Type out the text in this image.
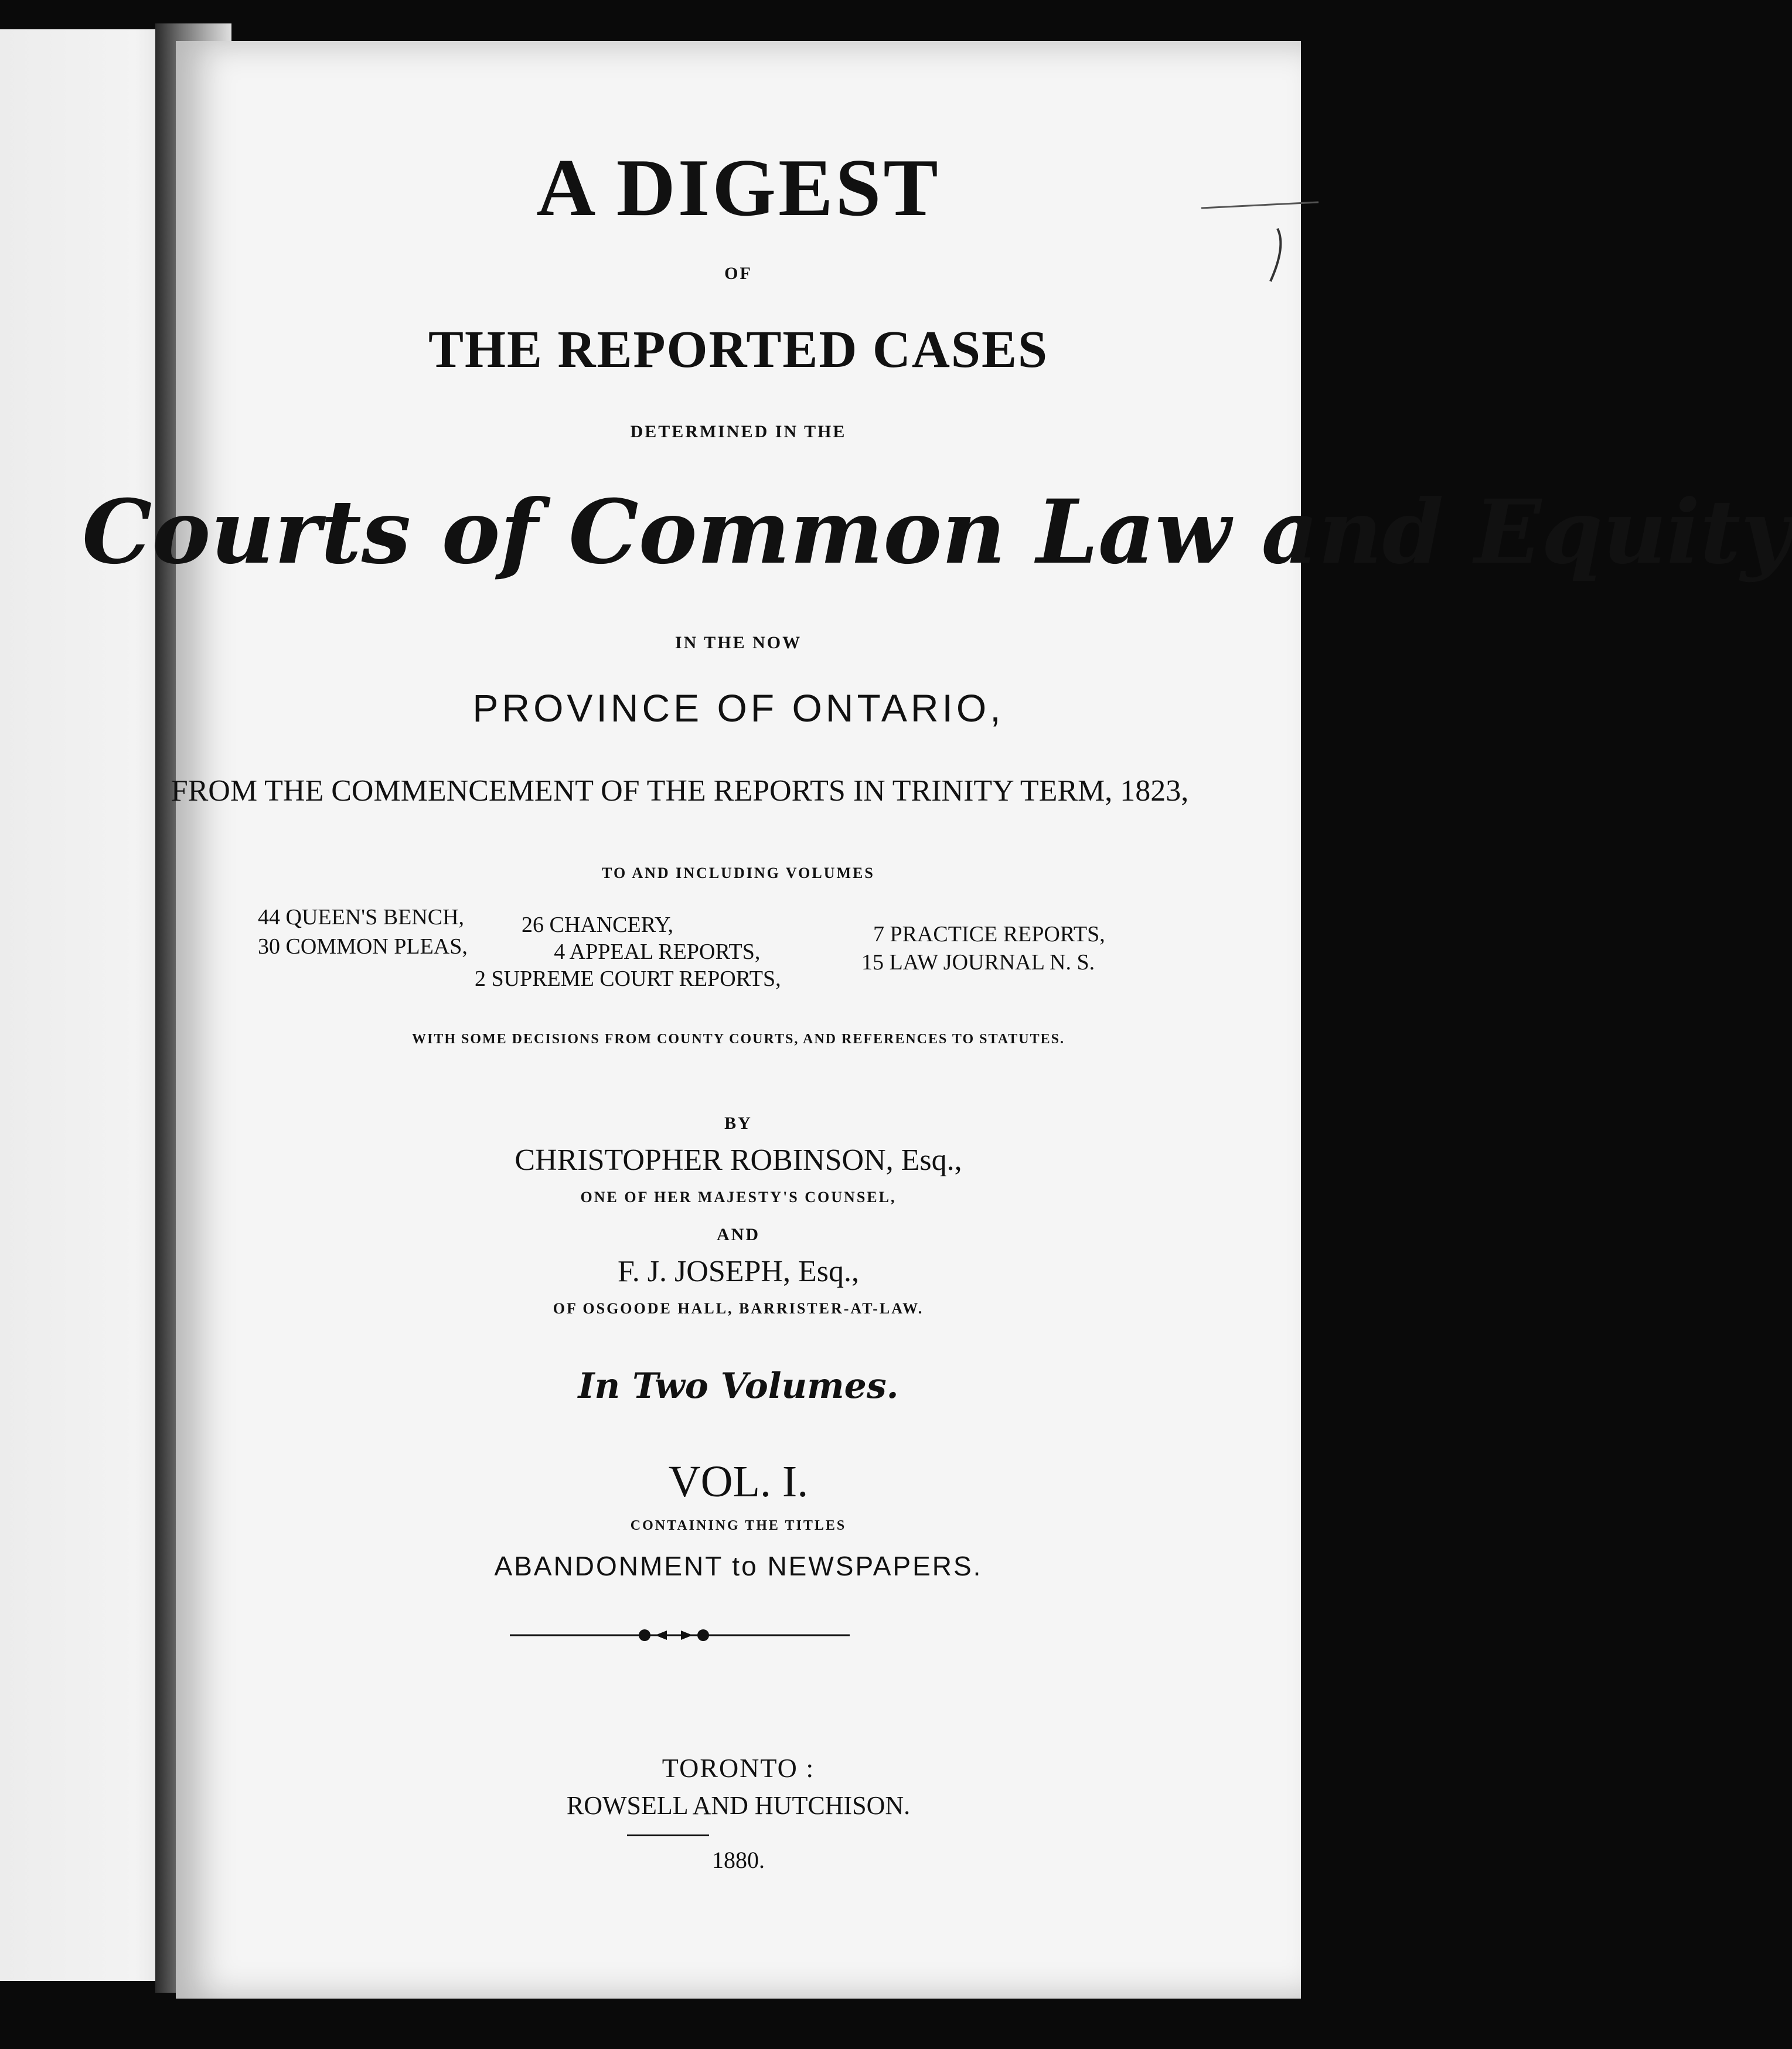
A DIGEST
OF
THE REPORTED CASES
DETERMINED IN THE
Courts of Common Law and Equity
IN THE NOW
PROVINCE OF ONTARIO,
FROM THE COMMENCEMENT OF THE REPORTS IN TRINITY TERM, 1823,
TO AND INCLUDING VOLUMES
44 QUEEN'S BENCH,
30 COMMON PLEAS,
26 CHANCERY,
4 APPEAL REPORTS,
2 SUPREME COURT REPORTS,
7 PRACTICE REPORTS,
15 LAW JOURNAL N. S.
WITH SOME DECISIONS FROM COUNTY COURTS, AND REFERENCES TO STATUTES.
BY
CHRISTOPHER ROBINSON, Esq.,
ONE OF HER MAJESTY'S COUNSEL,
AND
F. J. JOSEPH, Esq.,
OF OSGOODE HALL, BARRISTER-AT-LAW.
In Two Volumes.
VOL. I.
CONTAINING THE TITLES
ABANDONMENT to NEWSPAPERS.
TORONTO :
ROWSELL AND HUTCHISON.
1880.
